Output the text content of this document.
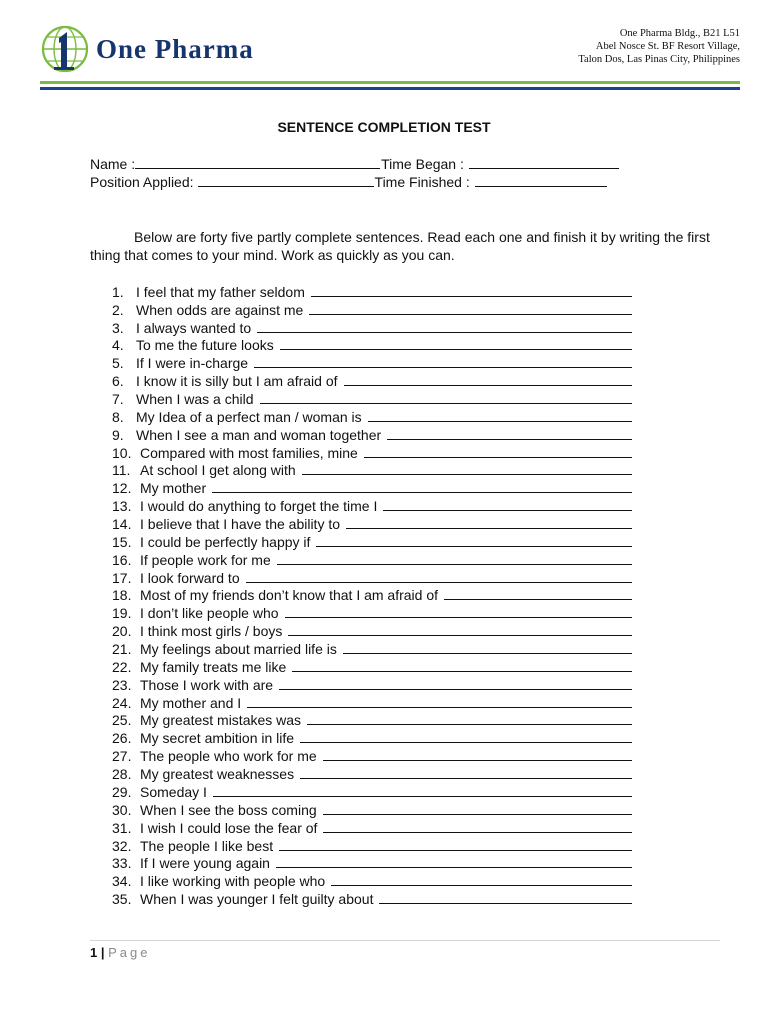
One Pharma	One Pharma Bldg., B21 L51
Abel Nosce St. BF Resort Village,
Talon Dos, Las Pinas City, Philippines
SENTENCE COMPLETION TEST
Name :	Time Began :
Position Applied:	Time Finished :
Below are forty five partly complete sentences. Read each one and finish it by writing the first thing that comes to your mind. Work as quickly as you can.
1. I feel that my father seldom
2. When odds are against me
3. I always wanted to
4. To me the future looks
5. If I were in-charge
6. I know it is silly but I am afraid of
7. When I was a child
8. My Idea of a perfect man / woman is
9. When I see a man and woman together
10. Compared with most families, mine
11. At school I get along with
12. My mother
13. I would do anything to forget the time I
14. I believe that I have the ability to
15. I could be perfectly happy if
16. If people work for me
17. I look forward to
18. Most of my friends don’t know that I am afraid of
19. I don’t like people who
20. I think most girls / boys
21. My feelings about married life is
22. My family treats me like
23. Those I work with are
24. My mother and I
25. My greatest mistakes was
26. My secret ambition in life
27. The people who work for me
28. My greatest weaknesses
29. Someday I
30. When I see the boss coming
31. I wish I could lose the fear of
32. The people I like best
33. If I were young again
34. I like working with people who
35. When I was younger I felt guilty about
1 | Page
